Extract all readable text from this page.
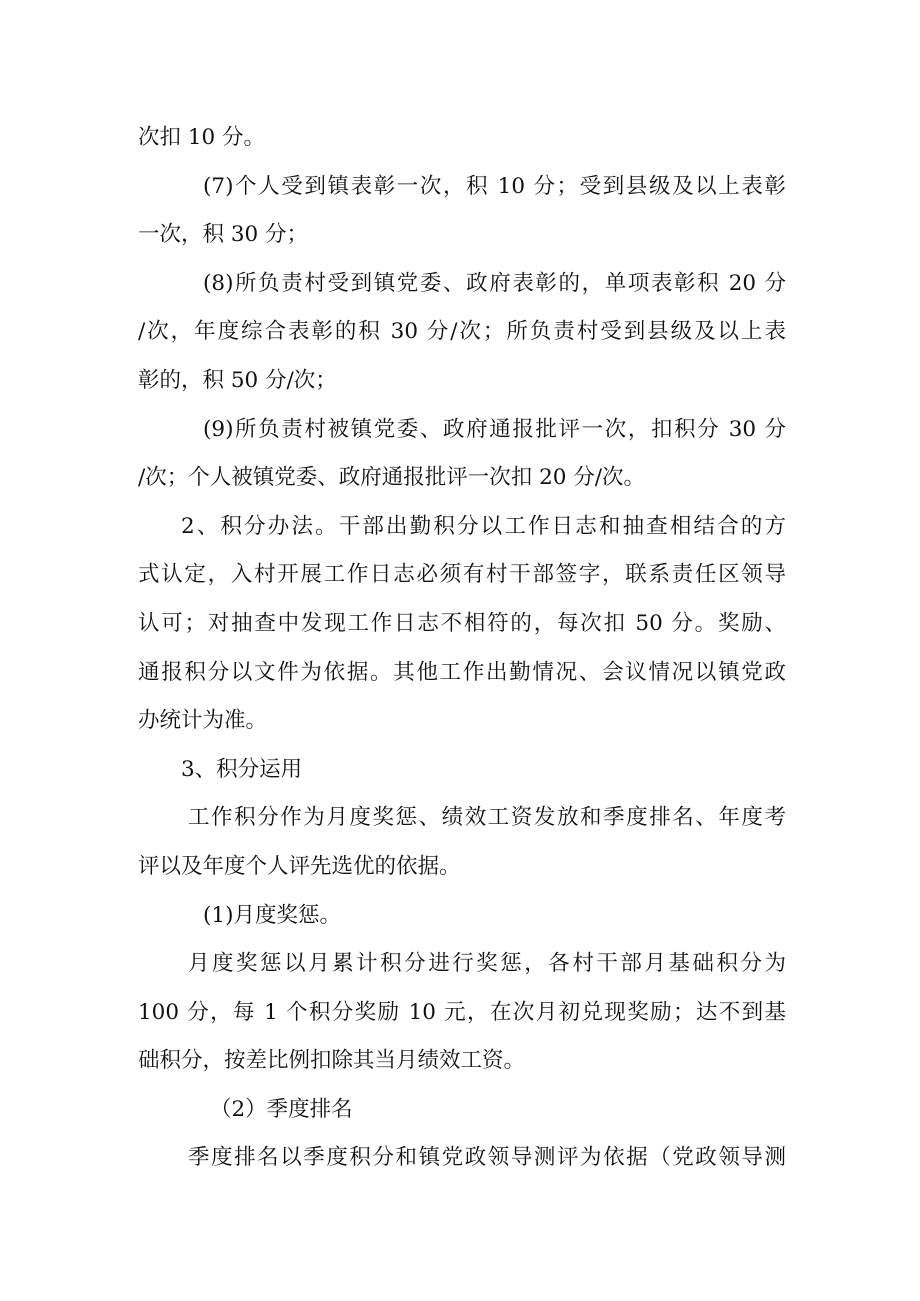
次扣 10 分。
(7)个人受到镇表彰一次，积 10 分；受到县级及以上表彰
一次，积 30 分；
(8)所负责村受到镇党委、政府表彰的，单项表彰积 20 分
/次，年度综合表彰的积 30 分/次；所负责村受到县级及以上表
彰的，积 50 分/次；
(9)所负责村被镇党委、政府通报批评一次，扣积分 30 分
/次；个人被镇党委、政府通报批评一次扣 20 分/次。
2、积分办法。干部出勤积分以工作日志和抽查相结合的方
式认定，入村开展工作日志必须有村干部签字，联系责任区领导
认可；对抽查中发现工作日志不相符的，每次扣 50 分。奖励、
通报积分以文件为依据。其他工作出勤情况、会议情况以镇党政
办统计为准。
3、积分运用
工作积分作为月度奖惩、绩效工资发放和季度排名、年度考
评以及年度个人评先选优的依据。
(1)月度奖惩。
月度奖惩以月累计积分进行奖惩，各村干部月基础积分为
100 分，每 1 个积分奖励 10 元，在次月初兑现奖励；达不到基
础积分，按差比例扣除其当月绩效工资。
（2）季度排名
季度排名以季度积分和镇党政领导测评为依据（党政领导测
